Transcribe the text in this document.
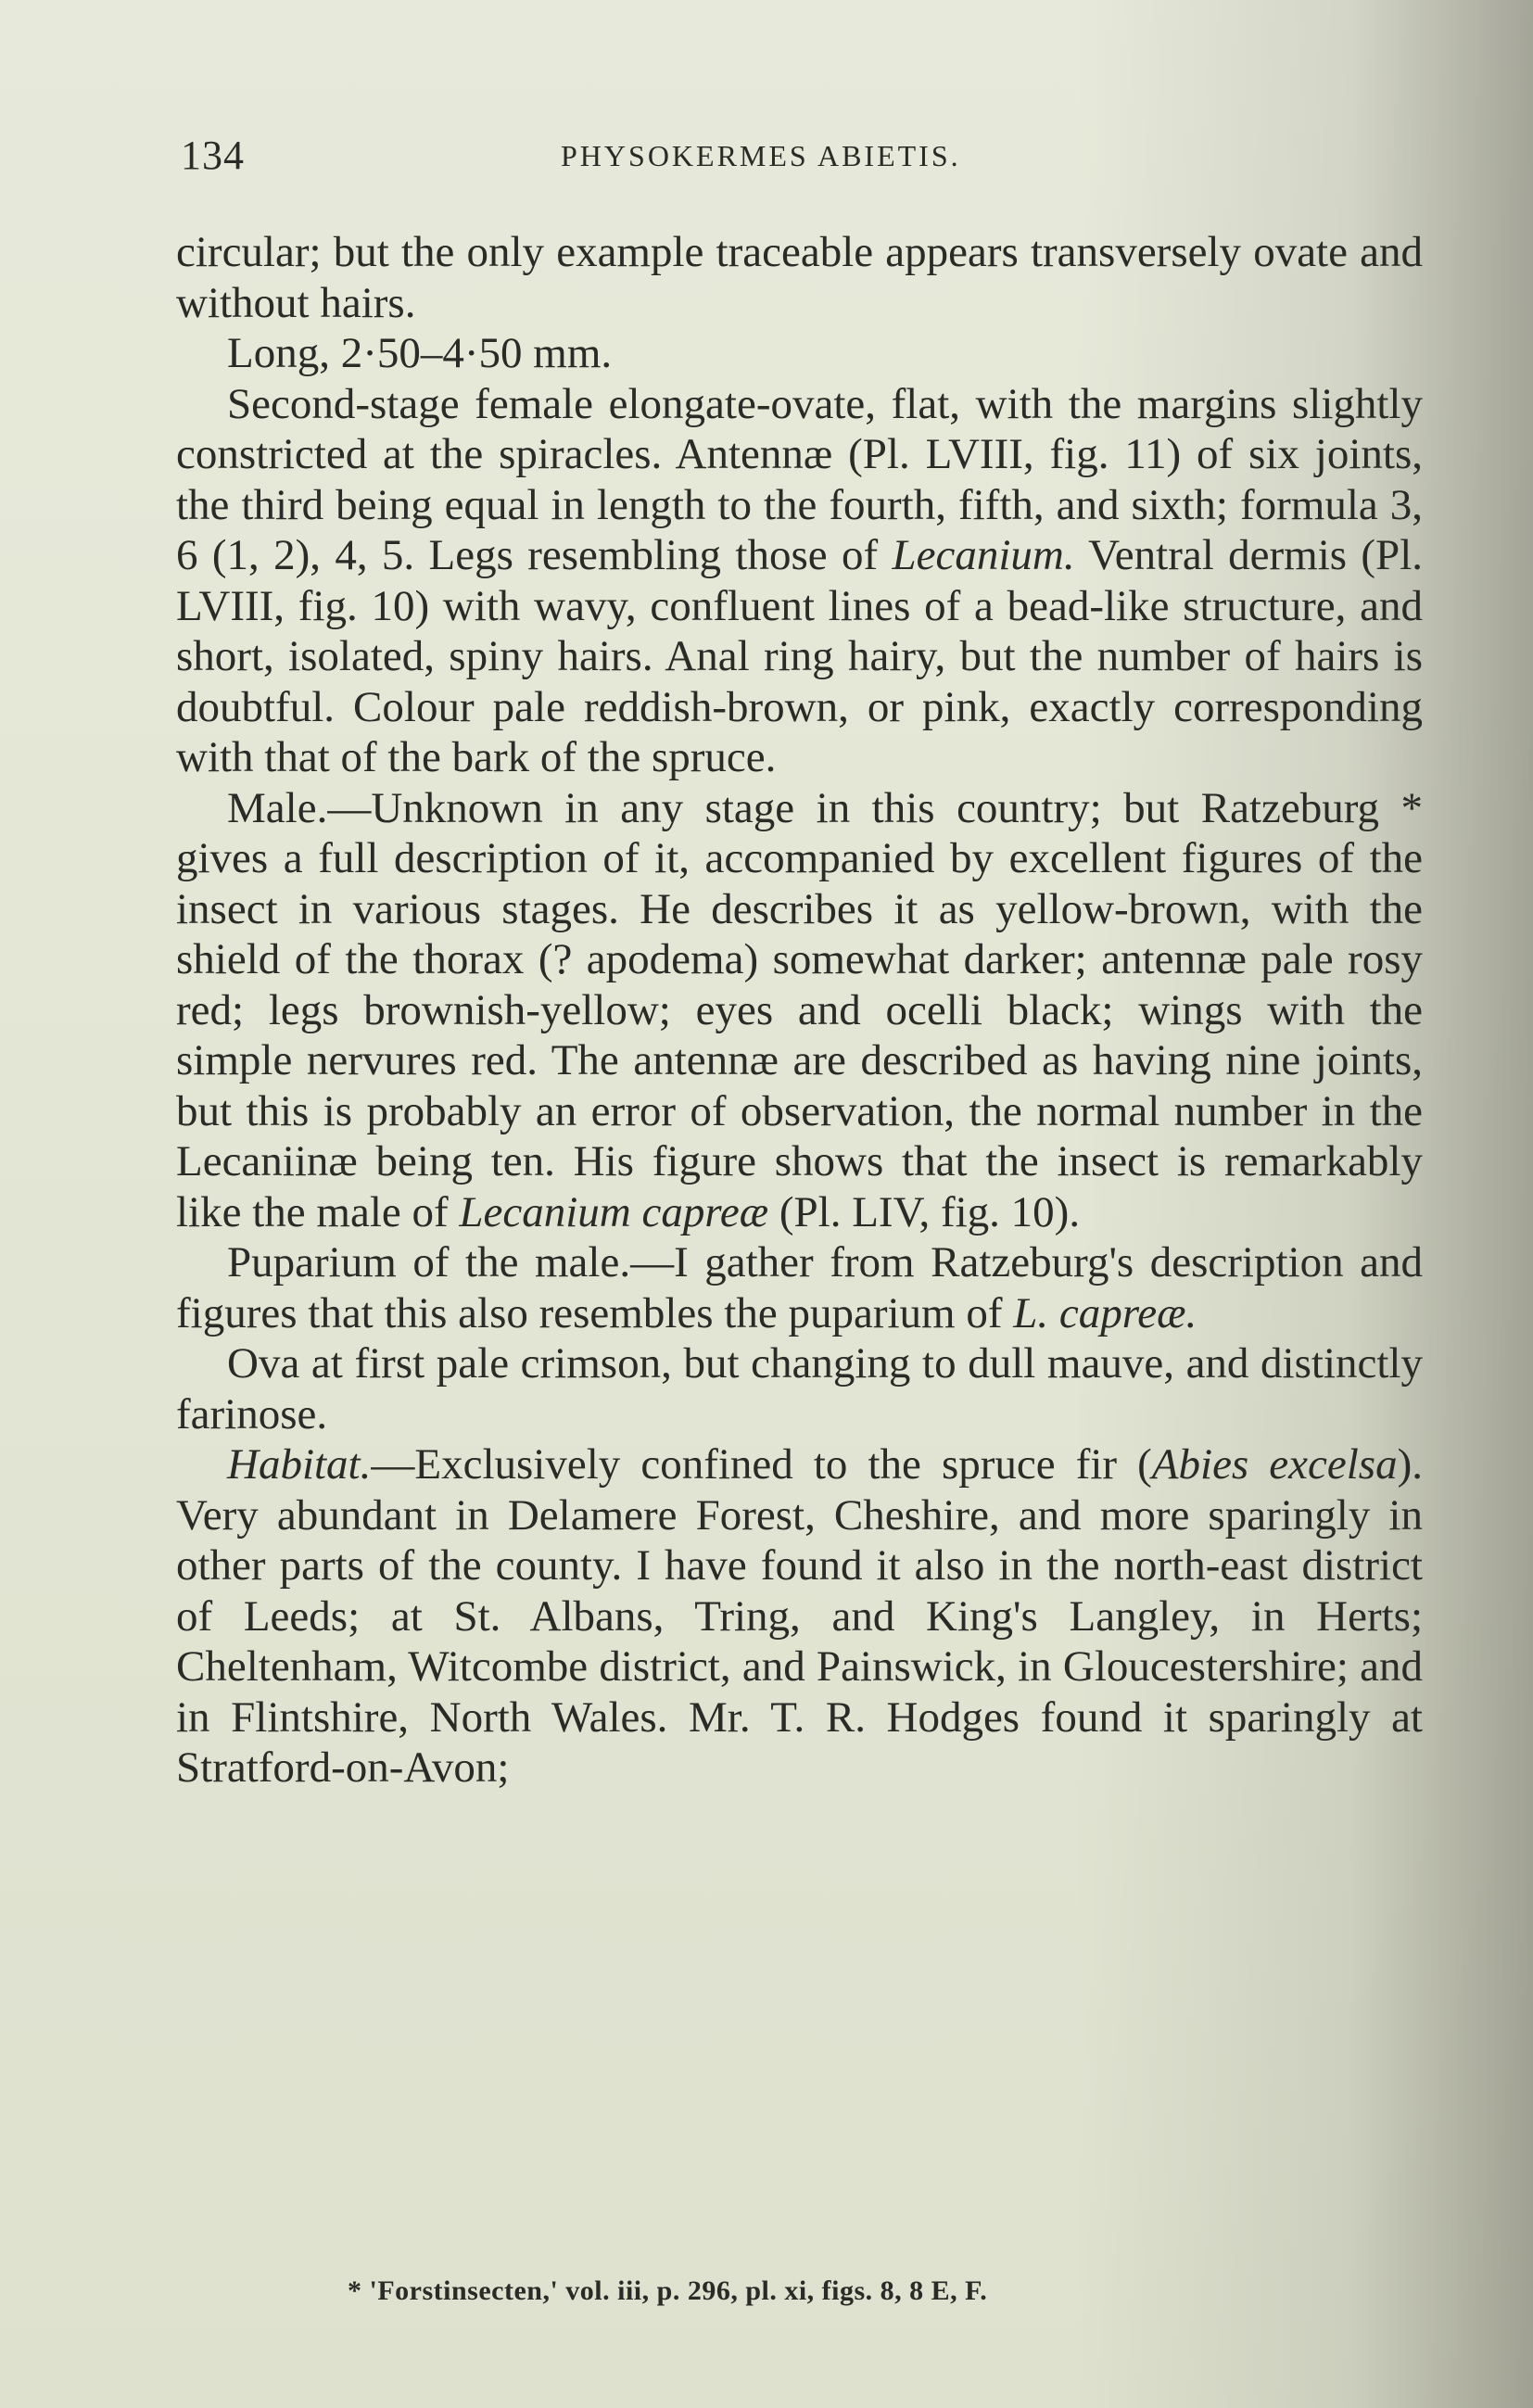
134	PHYSOKERMES ABIETIS.

circular; but the only example traceable appears transversely ovate and without hairs.

Long, 2·50–4·50 mm.

Second-stage female elongate-ovate, flat, with the margins slightly constricted at the spiracles. Antennæ (Pl. LVIII, fig. 11) of six joints, the third being equal in length to the fourth, fifth, and sixth; formula 3, 6 (1, 2), 4, 5. Legs resembling those of Lecanium. Ventral dermis (Pl. LVIII, fig. 10) with wavy, confluent lines of a bead-like structure, and short, isolated, spiny hairs. Anal ring hairy, but the number of hairs is doubtful. Colour pale reddish-brown, or pink, exactly corresponding with that of the bark of the spruce.

Male.—Unknown in any stage in this country; but Ratzeburg * gives a full description of it, accompanied by excellent figures of the insect in various stages. He describes it as yellow-brown, with the shield of the thorax (? apodema) somewhat darker; antennæ pale rosy red; legs brownish-yellow; eyes and ocelli black; wings with the simple nervures red. The antennæ are described as having nine joints, but this is probably an error of observation, the normal number in the Lecaniinæ being ten. His figure shows that the insect is remarkably like the male of Lecanium capreæ (Pl. LIV, fig. 10).

Puparium of the male.—I gather from Ratzeburg's description and figures that this also resembles the puparium of L. capreæ.

Ova at first pale crimson, but changing to dull mauve, and distinctly farinose.

Habitat.—Exclusively confined to the spruce fir (Abies excelsa). Very abundant in Delamere Forest, Cheshire, and more sparingly in other parts of the county. I have found it also in the north-east district of Leeds; at St. Albans, Tring, and King's Langley, in Herts; Cheltenham, Witcombe district, and Painswick, in Gloucestershire; and in Flintshire, North Wales. Mr. T. R. Hodges found it sparingly at Stratford-on-Avon;

* 'Forstinsecten,' vol. iii, p. 296, pl. xi, figs. 8, 8 E, F.
